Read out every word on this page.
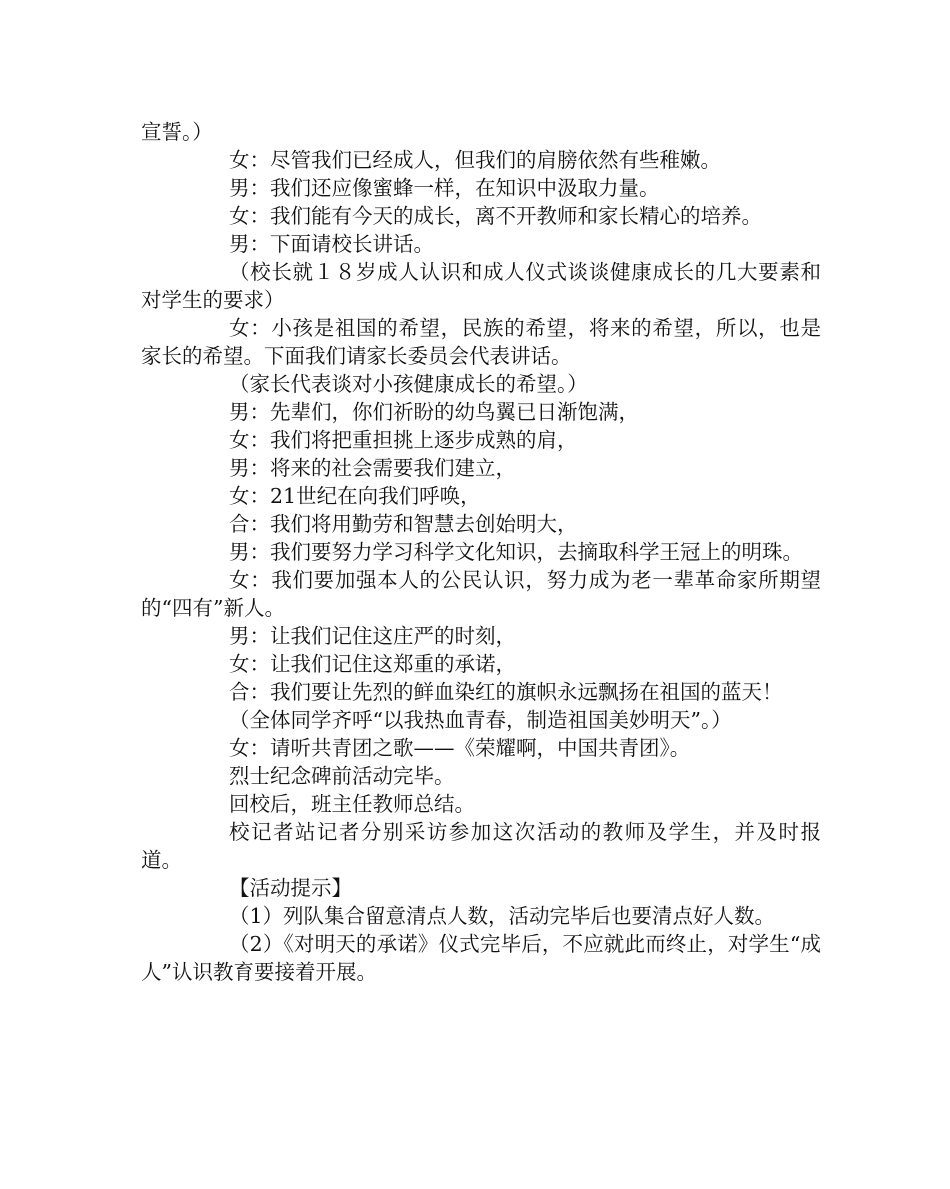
宣誓。）

女：尽管我们已经成人，但我们的肩膀依然有些稚嫩。

男：我们还应像蜜蜂一样，在知识中汲取力量。

女：我们能有今天的成长，离不开教师和家长精心的培养。

男：下面请校长讲话。

（校长就１８岁成人认识和成人仪式谈谈健康成长的几大要素和对学生的要求）

女：小孩是祖国的希望，民族的希望，将来的希望，所以，也是家长的希望。下面我们请家长委员会代表讲话。

（家长代表谈对小孩健康成长的希望。）

男：先辈们，你们祈盼的幼鸟翼已日渐饱满，

女：我们将把重担挑上逐步成熟的肩，

男：将来的社会需要我们建立，

女：21世纪在向我们呼唤，

合：我们将用勤劳和智慧去创始明大，

男：我们要努力学习科学文化知识，去摘取科学王冠上的明珠。

女：我们要加强本人的公民认识，努力成为老一辈革命家所期望的“四有”新人。

男：让我们记住这庄严的时刻，

女：让我们记住这郑重的承诺，

合：我们要让先烈的鲜血染红的旗帜永远飘扬在祖国的蓝天！

（全体同学齐呼“以我热血青春，制造祖国美妙明天”。）

女：请听共青团之歌——《荣耀啊，中国共青团》。

烈士纪念碑前活动完毕。

回校后，班主任教师总结。

校记者站记者分别采访参加这次活动的教师及学生，并及时报道。

【活动提示】

（1）列队集合留意清点人数，活动完毕后也要清点好人数。

（2）《对明天的承诺》仪式完毕后，不应就此而终止，对学生“成人”认识教育要接着开展。
